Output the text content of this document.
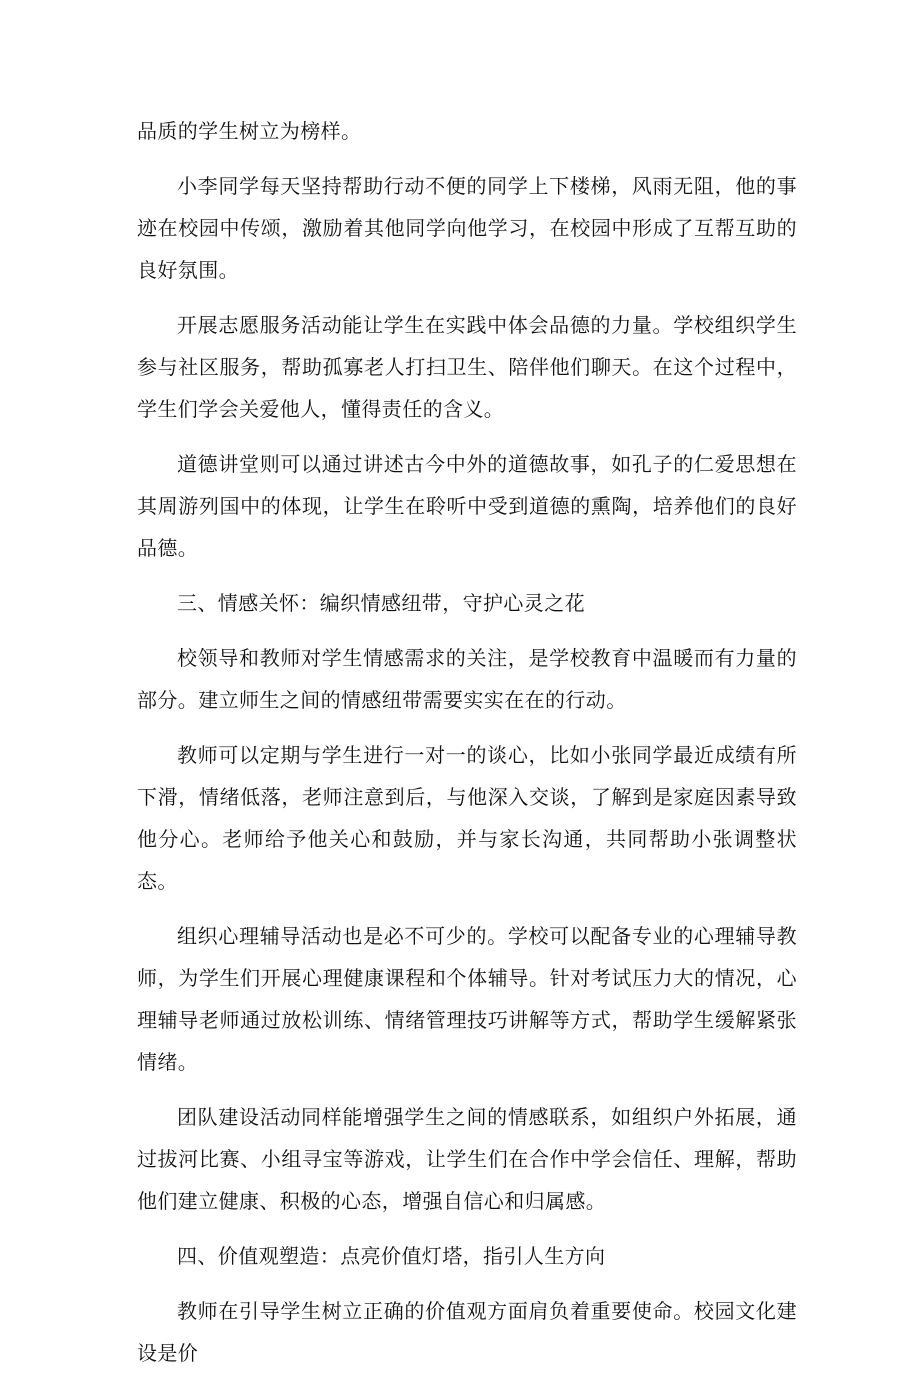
品质的学生树立为榜样。

小李同学每天坚持帮助行动不便的同学上下楼梯，风雨无阻，他的事迹在校园中传颂，激励着其他同学向他学习，在校园中形成了互帮互助的良好氛围。

开展志愿服务活动能让学生在实践中体会品德的力量。学校组织学生参与社区服务，帮助孤寡老人打扫卫生、陪伴他们聊天。在这个过程中，学生们学会关爱他人，懂得责任的含义。

道德讲堂则可以通过讲述古今中外的道德故事，如孔子的仁爱思想在其周游列国中的体现，让学生在聆听中受到道德的熏陶，培养他们的良好品德。

三、情感关怀：编织情感纽带，守护心灵之花

校领导和教师对学生情感需求的关注，是学校教育中温暖而有力量的部分。建立师生之间的情感纽带需要实实在在的行动。

教师可以定期与学生进行一对一的谈心，比如小张同学最近成绩有所下滑，情绪低落，老师注意到后，与他深入交谈，了解到是家庭因素导致他分心。老师给予他关心和鼓励，并与家长沟通，共同帮助小张调整状态。

组织心理辅导活动也是必不可少的。学校可以配备专业的心理辅导教师，为学生们开展心理健康课程和个体辅导。针对考试压力大的情况，心理辅导老师通过放松训练、情绪管理技巧讲解等方式，帮助学生缓解紧张情绪。

团队建设活动同样能增强学生之间的情感联系，如组织户外拓展，通过拔河比赛、小组寻宝等游戏，让学生们在合作中学会信任、理解，帮助他们建立健康、积极的心态，增强自信心和归属感。

四、价值观塑造：点亮价值灯塔，指引人生方向

教师在引导学生树立正确的价值观方面肩负着重要使命。校园文化建设是价
